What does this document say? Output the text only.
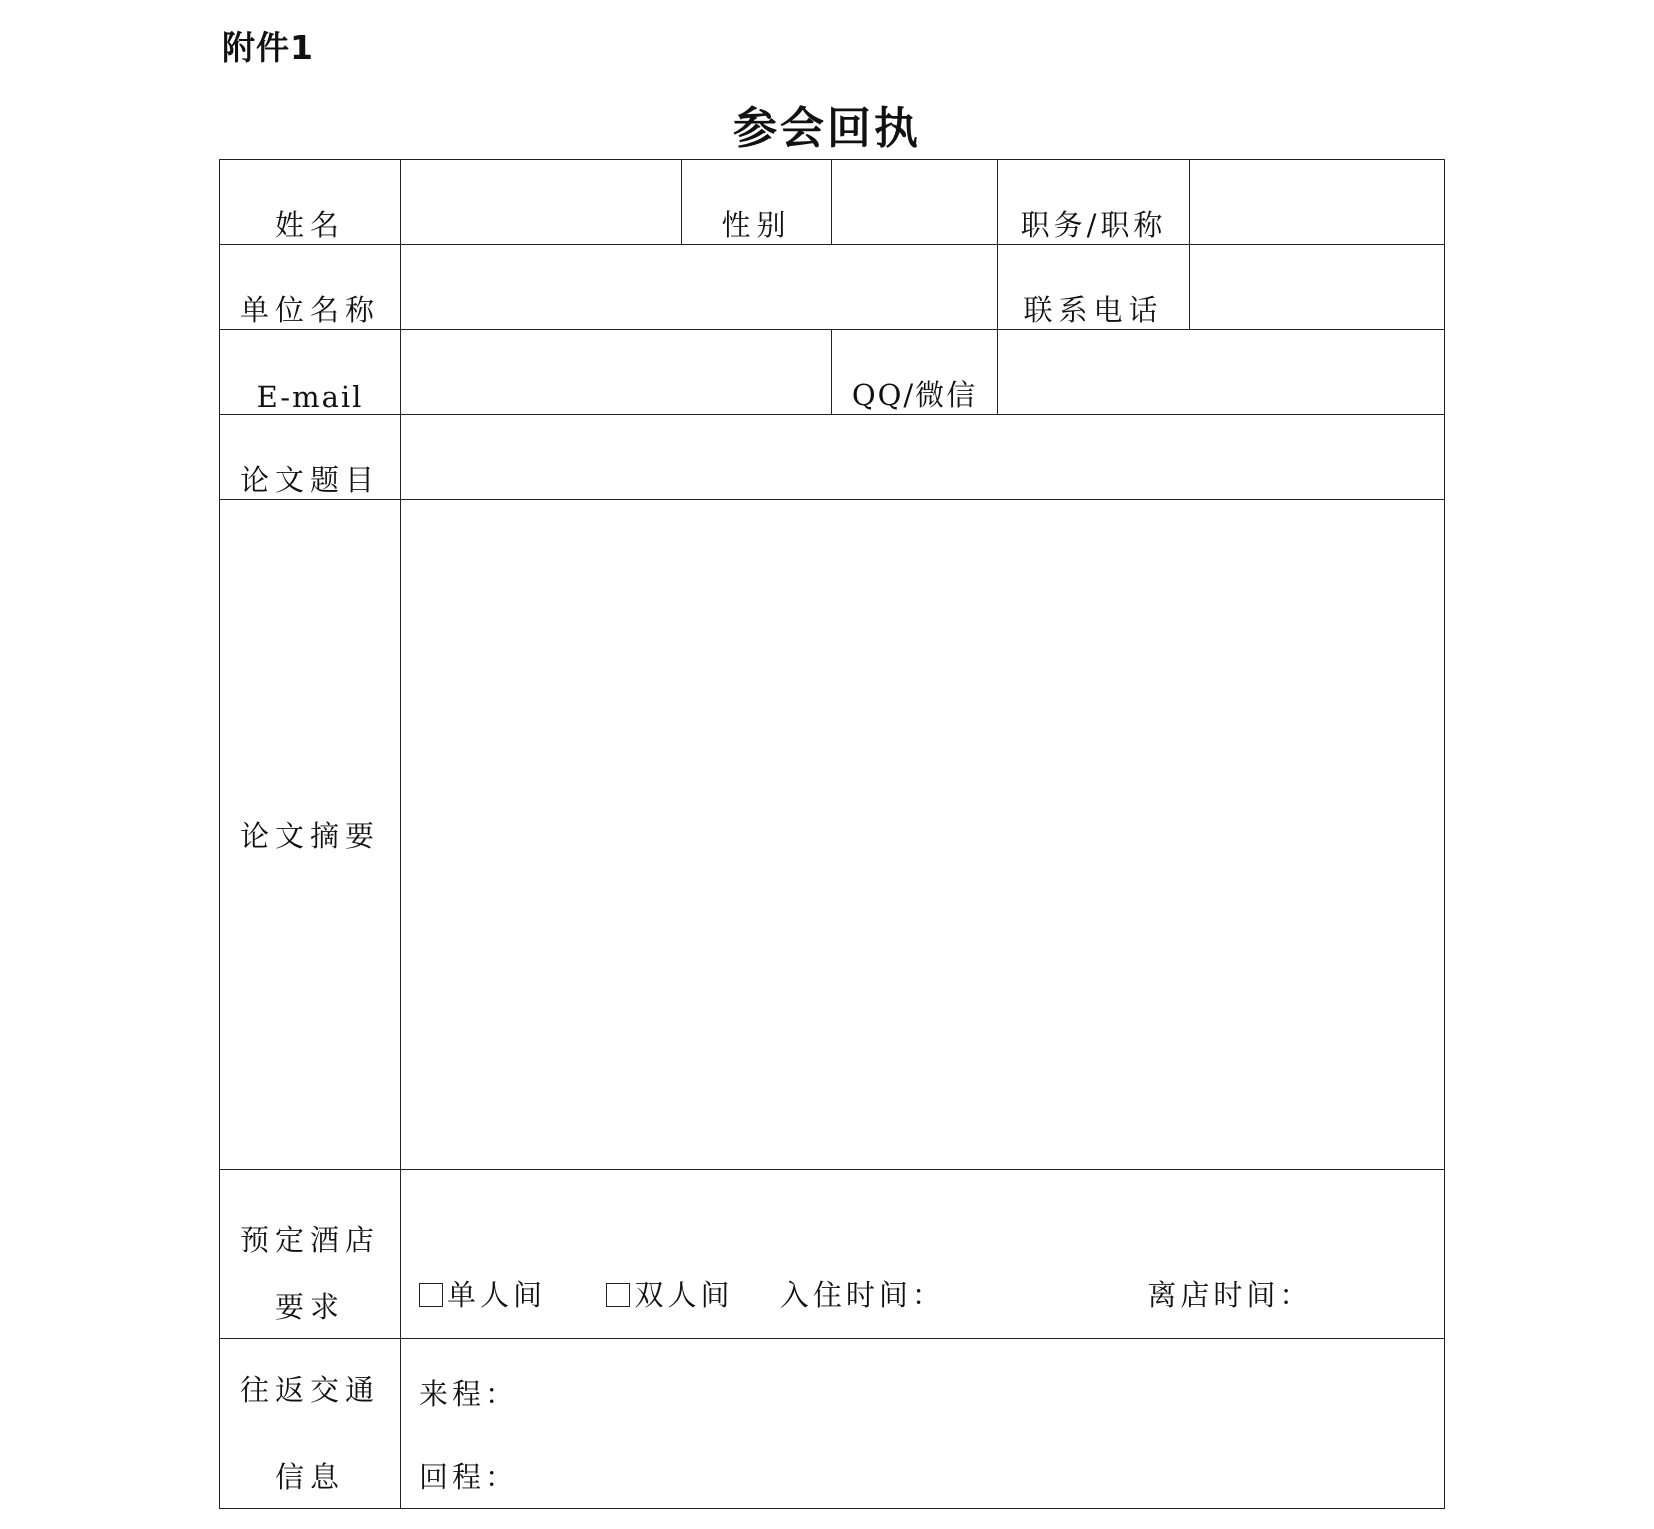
附件1
参会回执
姓名		性别		职务/职称	
单位名称				联系电话	
E-mail			QQ/微信		
论文题目					
论文摘要					

预定酒店
要求	单人间 双人间 入住时间： 离店时间：				

往返交通
信息	来程：
回程：				
